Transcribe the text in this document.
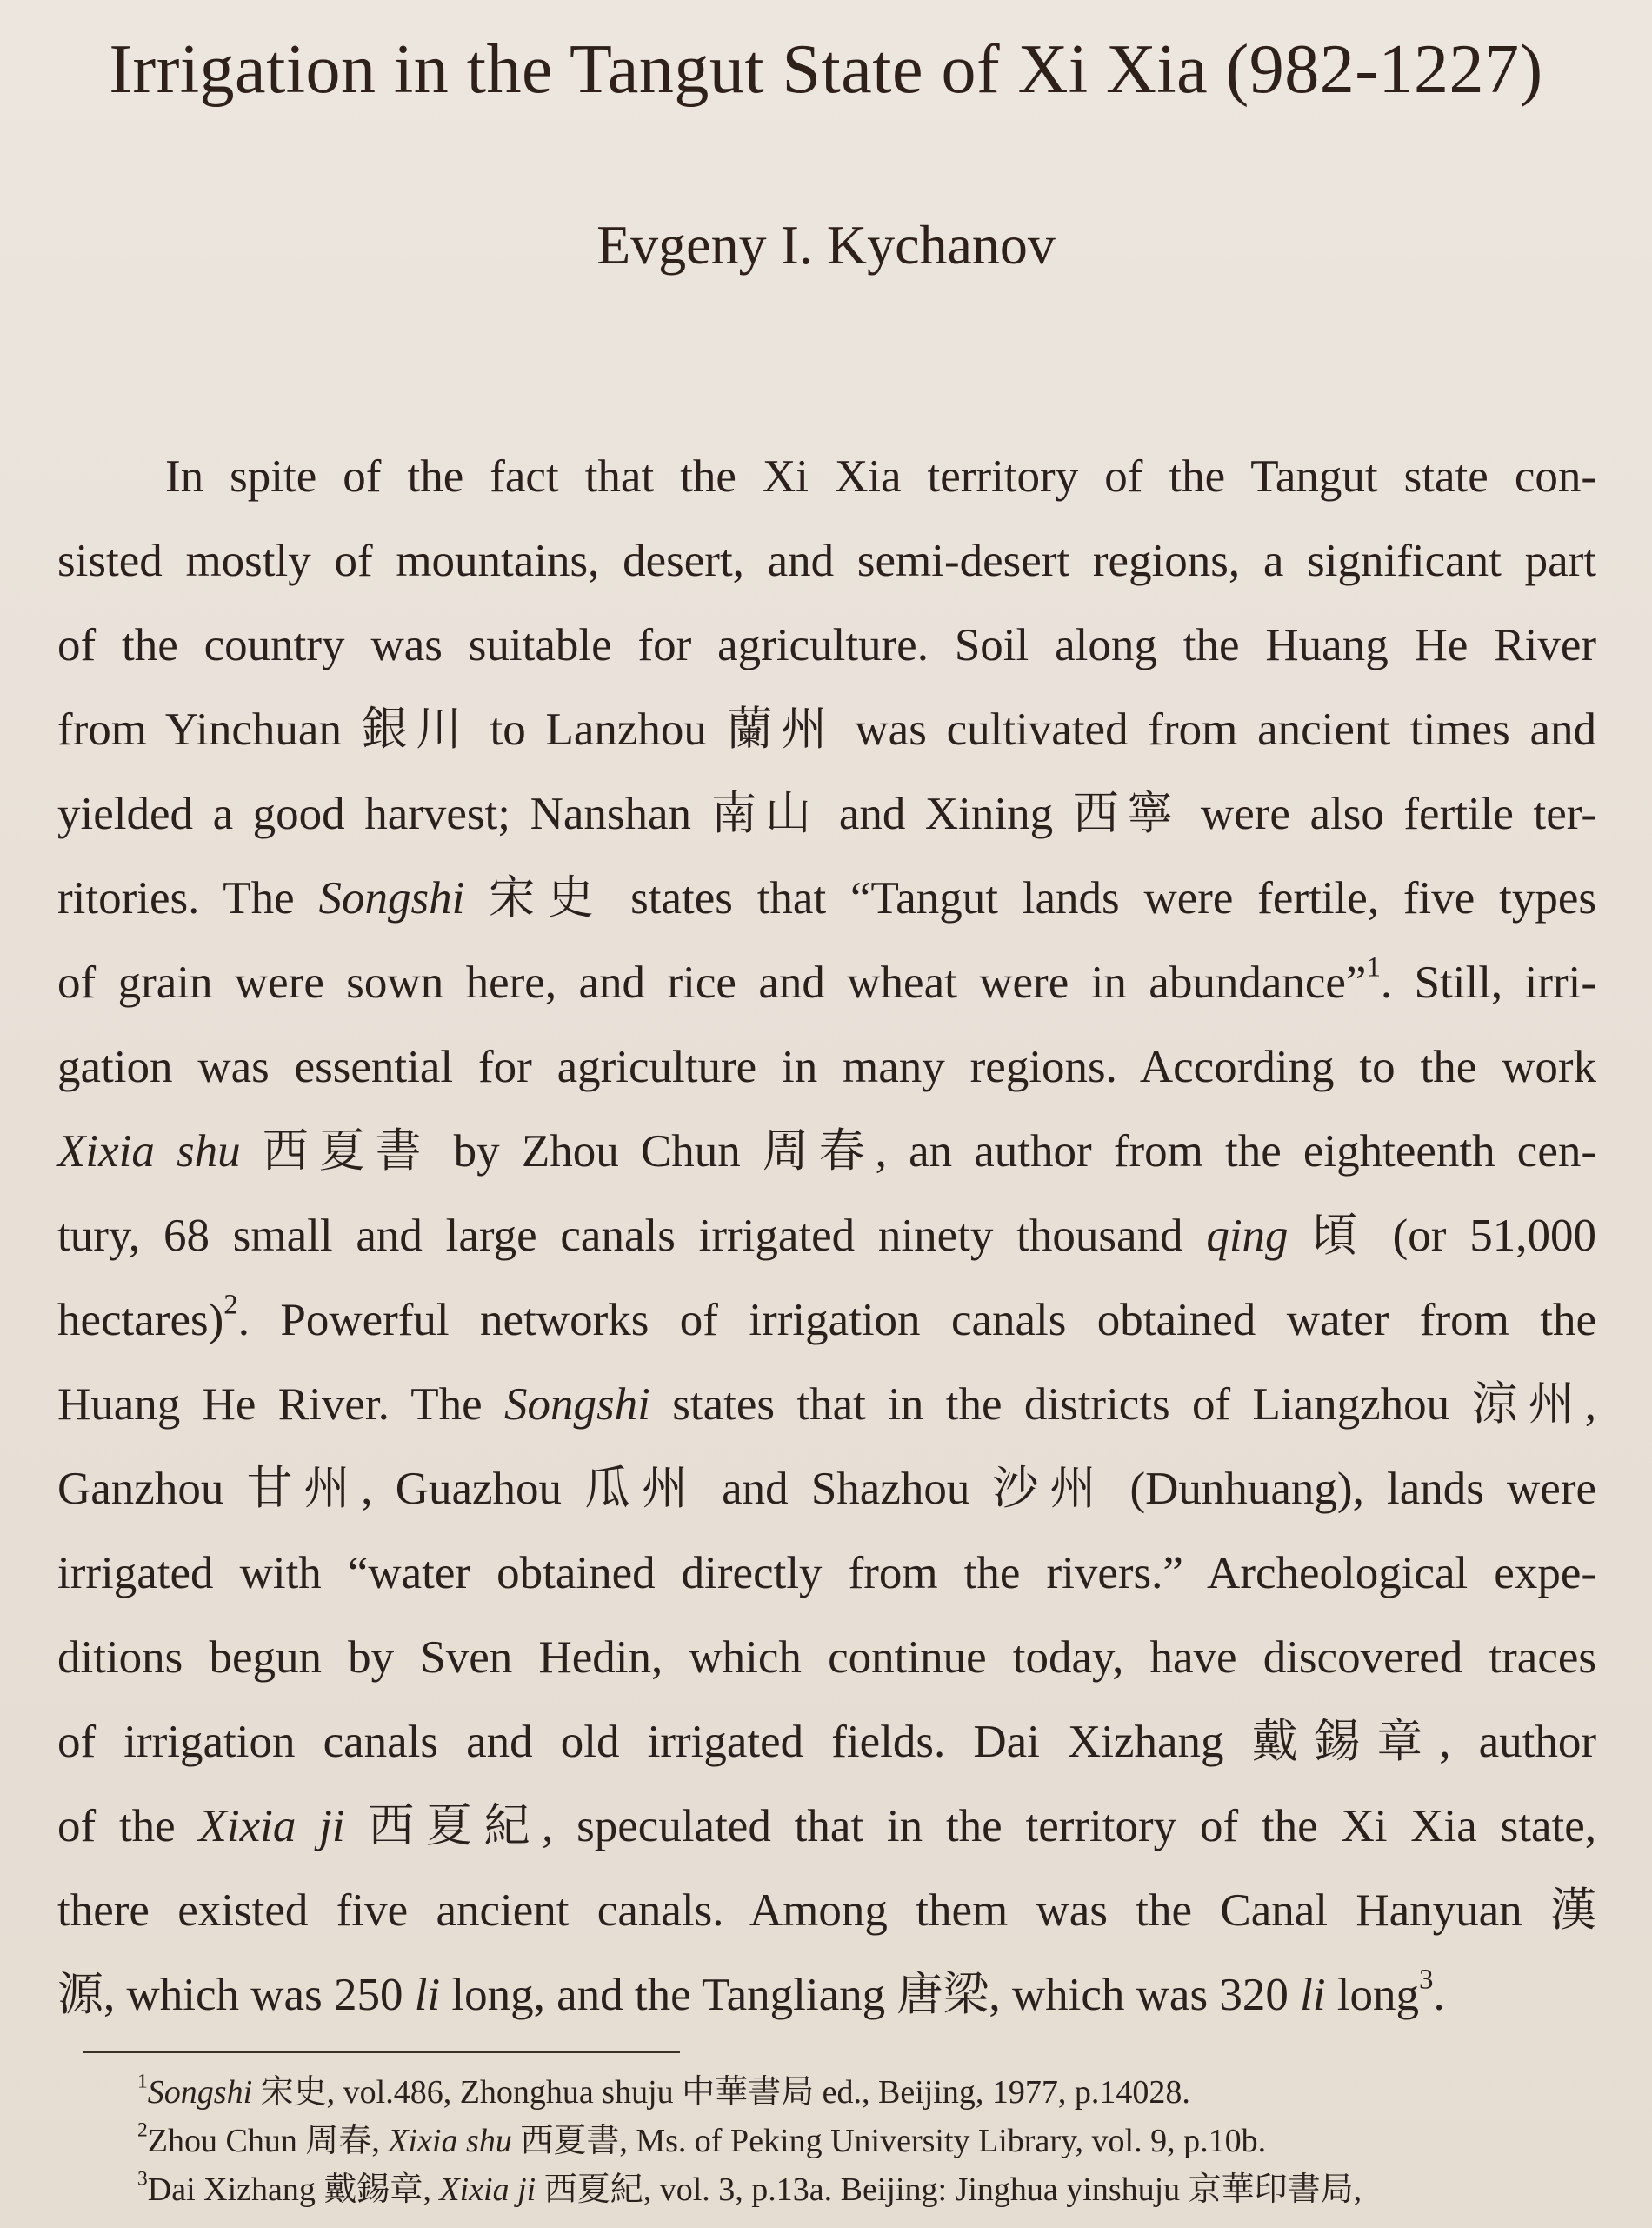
Irrigation in the Tangut State of Xi Xia (982-1227)
Evgeny I. Kychanov
In spite of the fact that the Xi Xia territory of the Tangut state con-
sisted mostly of mountains, desert, and semi-desert regions, a significant part
of the country was suitable for agriculture. Soil along the Huang He River
from Yinchuan 銀川 to Lanzhou 蘭州 was cultivated from ancient times and
yielded a good harvest; Nanshan 南山 and Xining 西寧 were also fertile ter-
ritories. The Songshi 宋史 states that “Tangut lands were fertile, five types
of grain were sown here, and rice and wheat were in abundance”$^1$. Still, irri-
gation was essential for agriculture in many regions. According to the work
Xixia shu 西夏書 by Zhou Chun 周春, an author from the eighteenth cen-
tury, 68 small and large canals irrigated ninety thousand qing 頃 (or 51,000
hectares)$^2$. Powerful networks of irrigation canals obtained water from the
Huang He River. The Songshi states that in the districts of Liangzhou 涼州,
Ganzhou 甘州, Guazhou 瓜州 and Shazhou 沙州 (Dunhuang), lands were
irrigated with “water obtained directly from the rivers.” Archeological expe-
ditions begun by Sven Hedin, which continue today, have discovered traces
of irrigation canals and old irrigated fields. Dai Xizhang 戴錫章, author
of the Xixia ji 西夏紀, speculated that in the territory of the Xi Xia state,
there existed five ancient canals. Among them was the Canal Hanyuan 漢
源, which was 250 li long, and the Tangliang 唐梁, which was 320 li long$^3$.
$^1$Songshi 宋史, vol.486, Zhonghua shuju 中華書局 ed., Beijing, 1977, p.14028.
$^2$Zhou Chun 周春, Xixia shu 西夏書, Ms. of Peking University Library, vol. 9, p.10b.
$^3$Dai Xizhang 戴錫章, Xixia ji 西夏紀, vol. 3, p.13a. Beijing: Jinghua yinshuju 京華印書局,
